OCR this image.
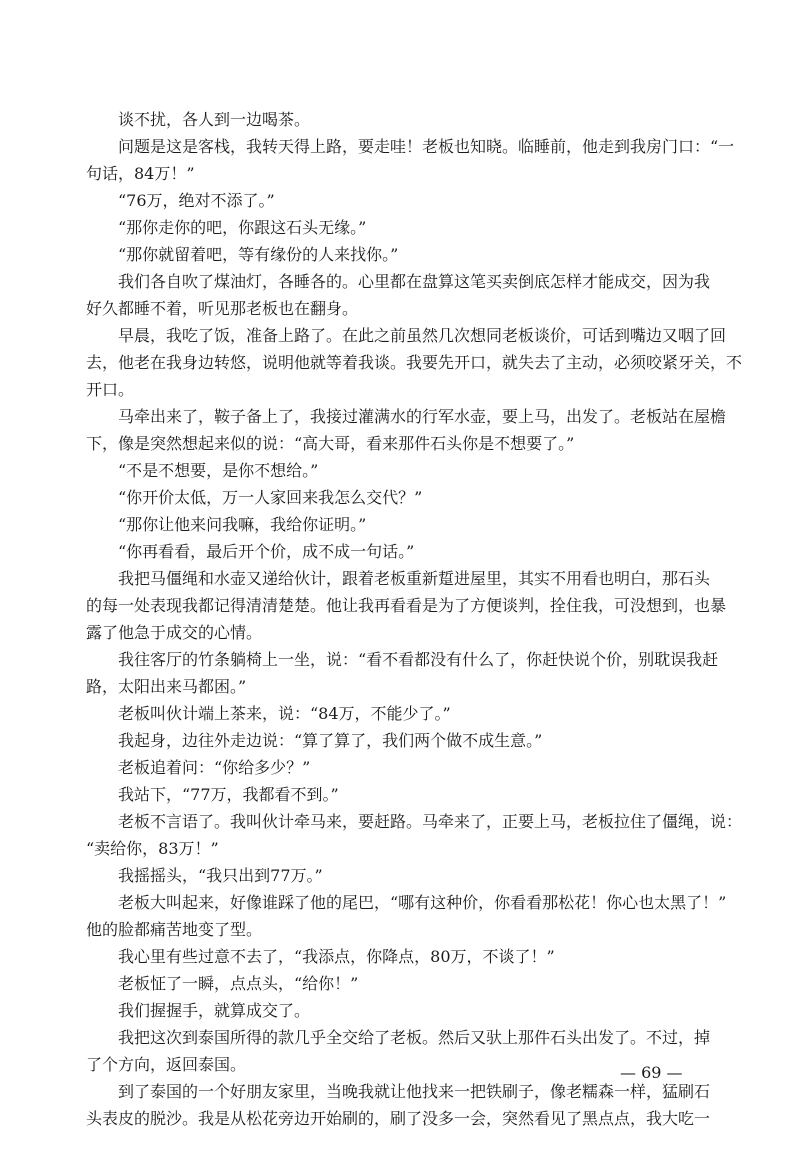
谈不扰，各人到一边喝茶。
问题是这是客栈，我转天得上路，要走哇！老板也知晓。临睡前，他走到我房门口：“一
句话，84万！”
“76万，绝对不添了。”
“那你走你的吧，你跟这石头无缘。”
“那你就留着吧，等有缘份的人来找你。”
我们各自吹了煤油灯，各睡各的。心里都在盘算这笔买卖倒底怎样才能成交，因为我
好久都睡不着，听见那老板也在翻身。
早晨，我吃了饭，准备上路了。在此之前虽然几次想同老板谈价，可话到嘴边又咽了回
去，他老在我身边转悠，说明他就等着我谈。我要先开口，就失去了主动，必须咬紧牙关，不
开口。
马牵出来了，鞍子备上了，我接过灌满水的行军水壶，要上马，出发了。老板站在屋檐
下，像是突然想起来似的说：“高大哥，看来那件石头你是不想要了。”
“不是不想要，是你不想给。”
“你开价太低，万一人家回来我怎么交代？”
“那你让他来问我嘛，我给你证明。”
“你再看看，最后开个价，成不成一句话。”
我把马僵绳和水壶又递给伙计，跟着老板重新踅进屋里，其实不用看也明白，那石头
的每一处表现我都记得清清楚楚。他让我再看看是为了方便谈判，拴住我，可没想到，也暴
露了他急于成交的心情。
我往客厅的竹条躺椅上一坐，说：“看不看都没有什么了，你赶快说个价，别耽误我赶
路，太阳出来马都困。”
老板叫伙计端上茶来，说：“84万，不能少了。”
我起身，边往外走边说：“算了算了，我们两个做不成生意。”
老板追着问：“你给多少？”
我站下，“77万，我都看不到。”
老板不言语了。我叫伙计牵马来，要赶路。马牵来了，正要上马，老板拉住了僵绳，说：
“卖给你，83万！”
我摇摇头，“我只出到77万。”
老板大叫起来，好像谁踩了他的尾巴，“哪有这种价，你看看那松花！你心也太黑了！”
他的脸都痛苦地变了型。
我心里有些过意不去了，“我添点，你降点，80万，不谈了！”
老板怔了一瞬，点点头，“给你！”
我们握握手，就算成交了。
我把这次到泰国所得的款几乎全交给了老板。然后又驮上那件石头出发了。不过，掉
了个方向，返回泰国。
到了泰国的一个好朋友家里，当晚我就让他找来一把铁刷子，像老糯森一样，猛刷石
头表皮的脱沙。我是从松花旁边开始刷的，刷了没多一会，突然看见了黑点点，我大吃一
— 69 —
